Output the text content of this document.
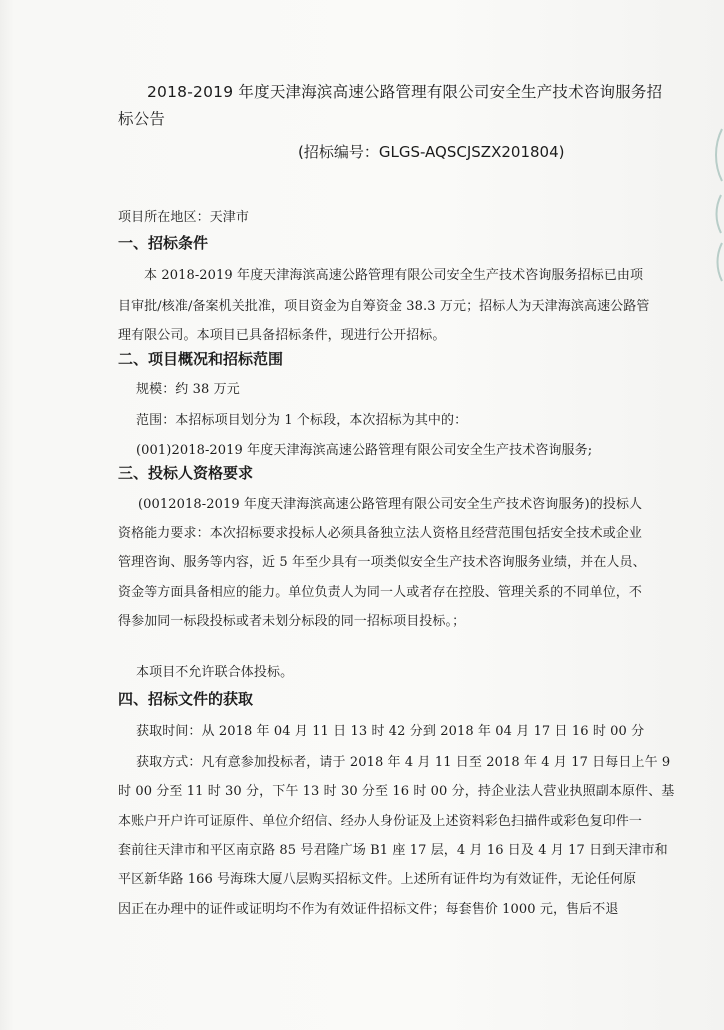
2018-2019 年度天津海滨高速公路管理有限公司安全生产技术咨询服务招
标公告
(招标编号：GLGS-AQSCJSZX201804)
项目所在地区：天津市
一、招标条件
本 2018-2019 年度天津海滨高速公路管理有限公司安全生产技术咨询服务招标已由项
目审批/核准/备案机关批准，项目资金为自筹资金 38.3 万元；招标人为天津海滨高速公路管
理有限公司。本项目已具备招标条件，现进行公开招标。
二、项目概况和招标范围
规模：约 38 万元
范围：本招标项目划分为 1 个标段，本次招标为其中的：
(001)2018-2019 年度天津海滨高速公路管理有限公司安全生产技术咨询服务;
三、投标人资格要求
(0012018-2019 年度天津海滨高速公路管理有限公司安全生产技术咨询服务)的投标人
资格能力要求：本次招标要求投标人必须具备独立法人资格且经营范围包括安全技术或企业
管理咨询、服务等内容，近 5 年至少具有一项类似安全生产技术咨询服务业绩，并在人员、
资金等方面具备相应的能力。单位负责人为同一人或者存在控股、管理关系的不同单位，不
得参加同一标段投标或者未划分标段的同一招标项目投标。；
本项目不允许联合体投标。
四、招标文件的获取
获取时间：从 2018 年 04 月 11 日 13 时 42 分到 2018 年 04 月 17 日 16 时 00 分
获取方式：凡有意参加投标者，请于 2018 年 4 月 11 日至 2018 年 4 月 17 日每日上午 9
时 00 分至 11 时 30 分，下午 13 时 30 分至 16 时 00 分，持企业法人营业执照副本原件、基
本账户开户许可证原件、单位介绍信、经办人身份证及上述资料彩色扫描件或彩色复印件一
套前往天津市和平区南京路 85 号君隆广场 B1 座 17 层，4 月 16 日及 4 月 17 日到天津市和
平区新华路 166 号海珠大厦八层购买招标文件。上述所有证件均为有效证件，无论任何原
因正在办理中的证件或证明均不作为有效证件招标文件；每套售价 1000 元，售后不退
